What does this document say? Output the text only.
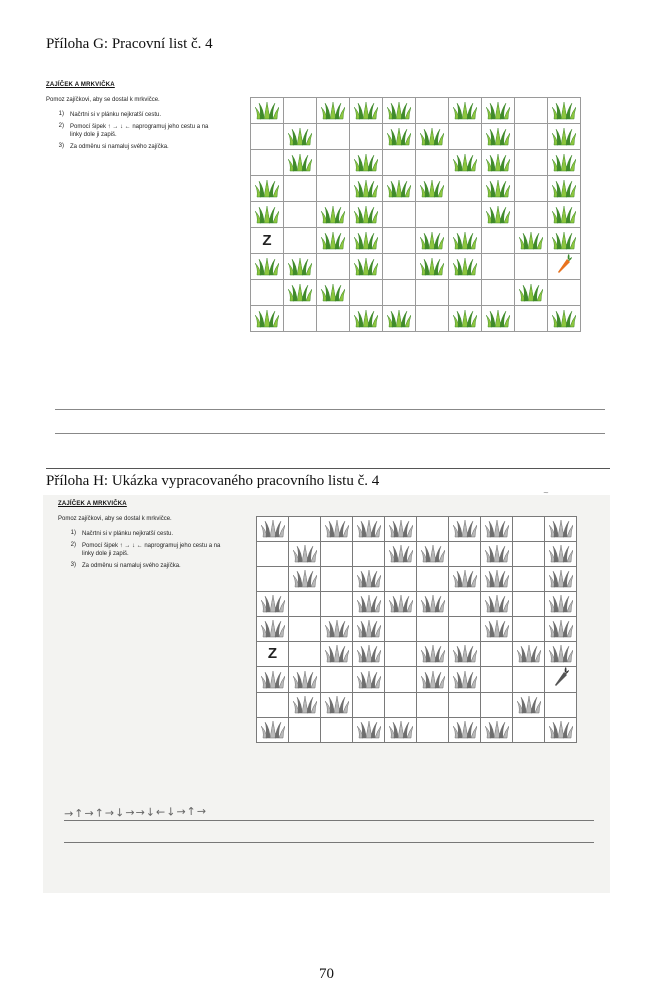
Příloha G: Pracovní list č. 4
ZAJÍČEK A MRKVIČKA
Pomoz zajíčkovi, aby se dostal k mrkvičce.
1) Načrtni si v plánku nejkratší cestu.
2) Pomocí šipek ↑ → ↓ ← naprogramuj jeho cestu a na linky dole ji zapiš.
3) Za odměnu si namaluj svého zajíčka.

Z		

Příloha H: Ukázka vypracovaného pracovního listu č. 4
~
ZAJÍČEK A MRKVIČKA
Pomoz zajíčkovi, aby se dostal k mrkvičce.
1) Načrtni si v plánku nejkratší cestu.
2) Pomocí šipek ↑ → ↓ ← naprogramuj jeho cestu a na linky dole ji zapiš.
3) Za odměnu si namaluj svého zajíčka.

Z		

→↑→↑→↓→→↓←↓→↑→
70
